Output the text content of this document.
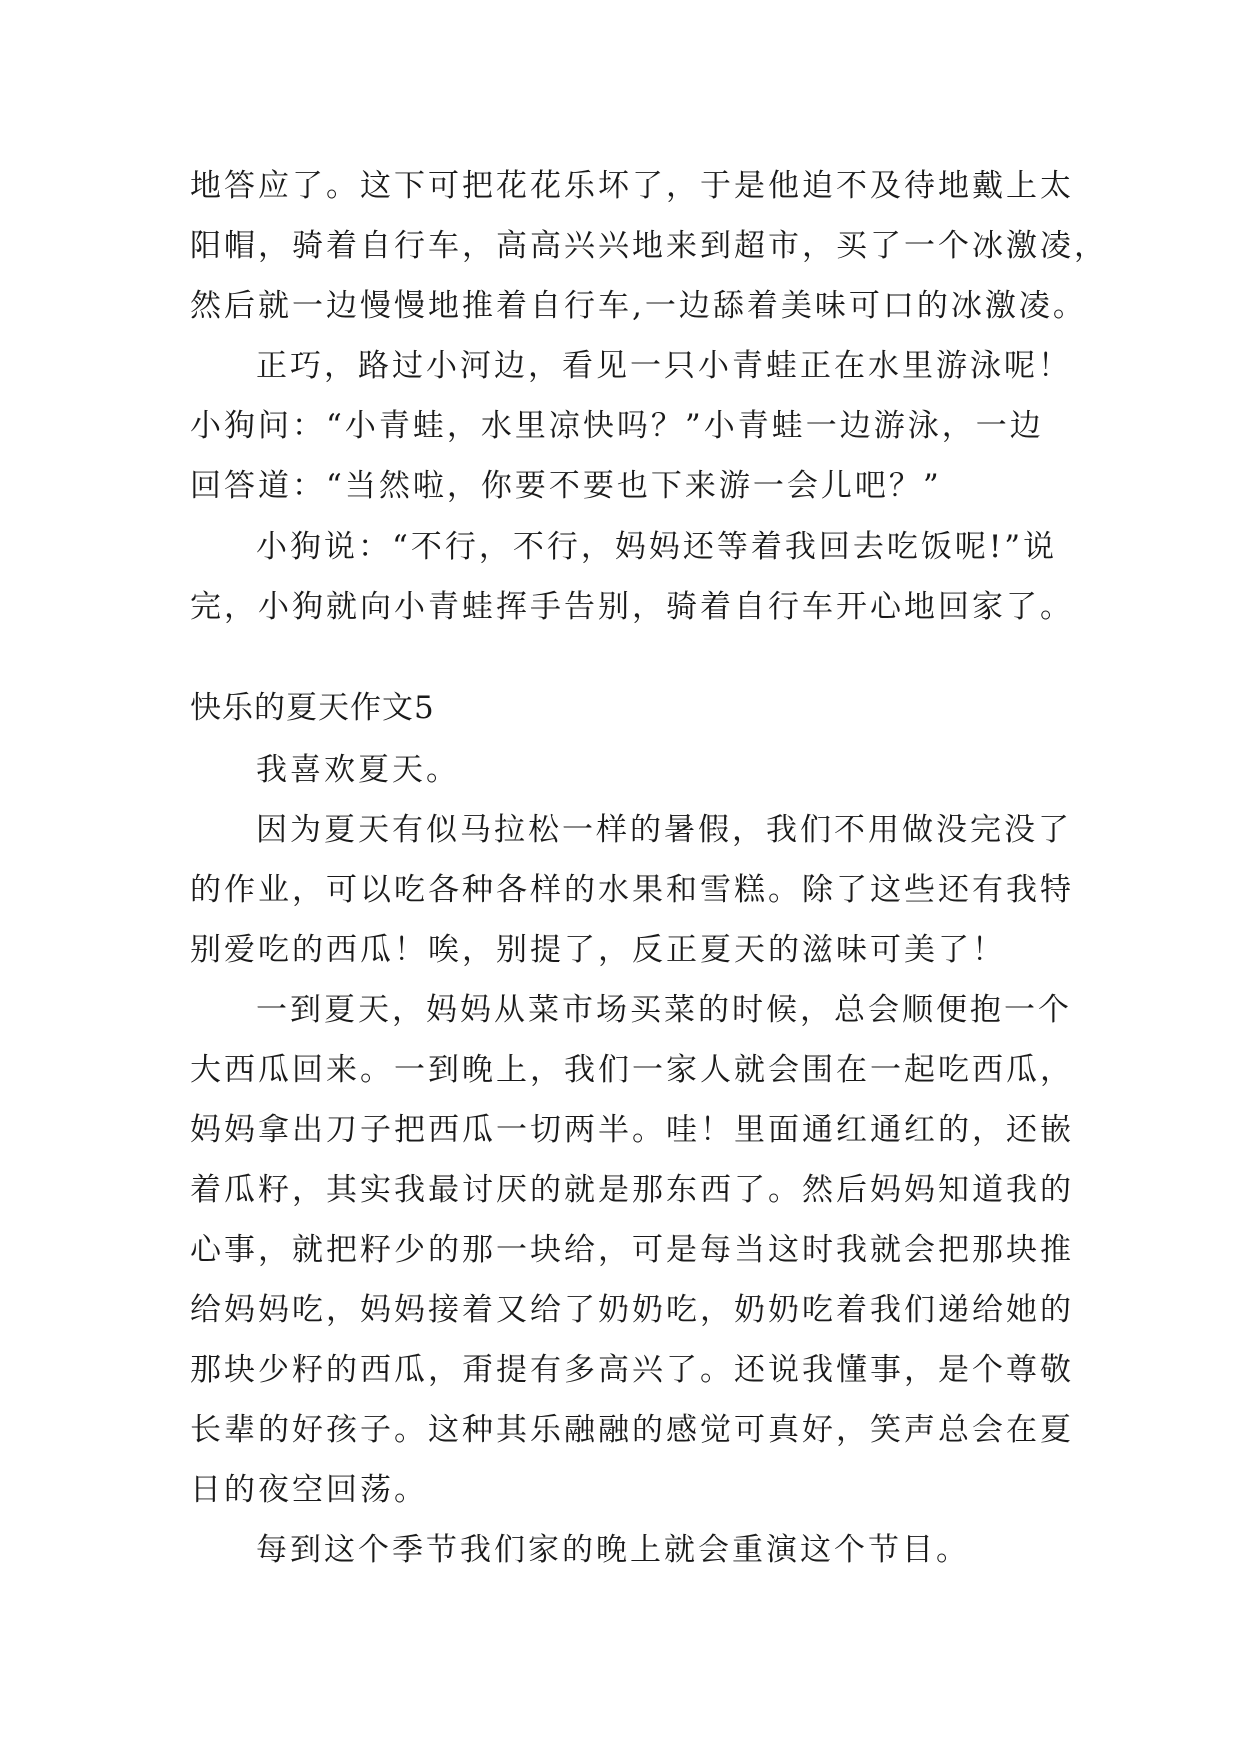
地答应了。这下可把花花乐坏了，于是他迫不及待地戴上太
阳帽，骑着自行车，高高兴兴地来到超市，买了一个冰激凌，
然后就一边慢慢地推着自行车,一边舔着美味可口的冰激凌。
正巧，路过小河边，看见一只小青蛙正在水里游泳呢！
小狗问：“小青蛙，水里凉快吗？”小青蛙一边游泳，一边
回答道：“当然啦，你要不要也下来游一会儿吧？”
小狗说：“不行，不行，妈妈还等着我回去吃饭呢!”说
完，小狗就向小青蛙挥手告别，骑着自行车开心地回家了。
快乐的夏天作文5
我喜欢夏天。
因为夏天有似马拉松一样的暑假，我们不用做没完没了
的作业，可以吃各种各样的水果和雪糕。除了这些还有我特
别爱吃的西瓜！唉，别提了，反正夏天的滋味可美了！
一到夏天，妈妈从菜市场买菜的时候，总会顺便抱一个
大西瓜回来。一到晚上，我们一家人就会围在一起吃西瓜，
妈妈拿出刀子把西瓜一切两半。哇！里面通红通红的，还嵌
着瓜籽，其实我最讨厌的就是那东西了。然后妈妈知道我的
心事，就把籽少的那一块给，可是每当这时我就会把那块推
给妈妈吃，妈妈接着又给了奶奶吃，奶奶吃着我们递给她的
那块少籽的西瓜，甭提有多高兴了。还说我懂事，是个尊敬
长辈的好孩子。这种其乐融融的感觉可真好，笑声总会在夏
日的夜空回荡。
每到这个季节我们家的晚上就会重演这个节目。
